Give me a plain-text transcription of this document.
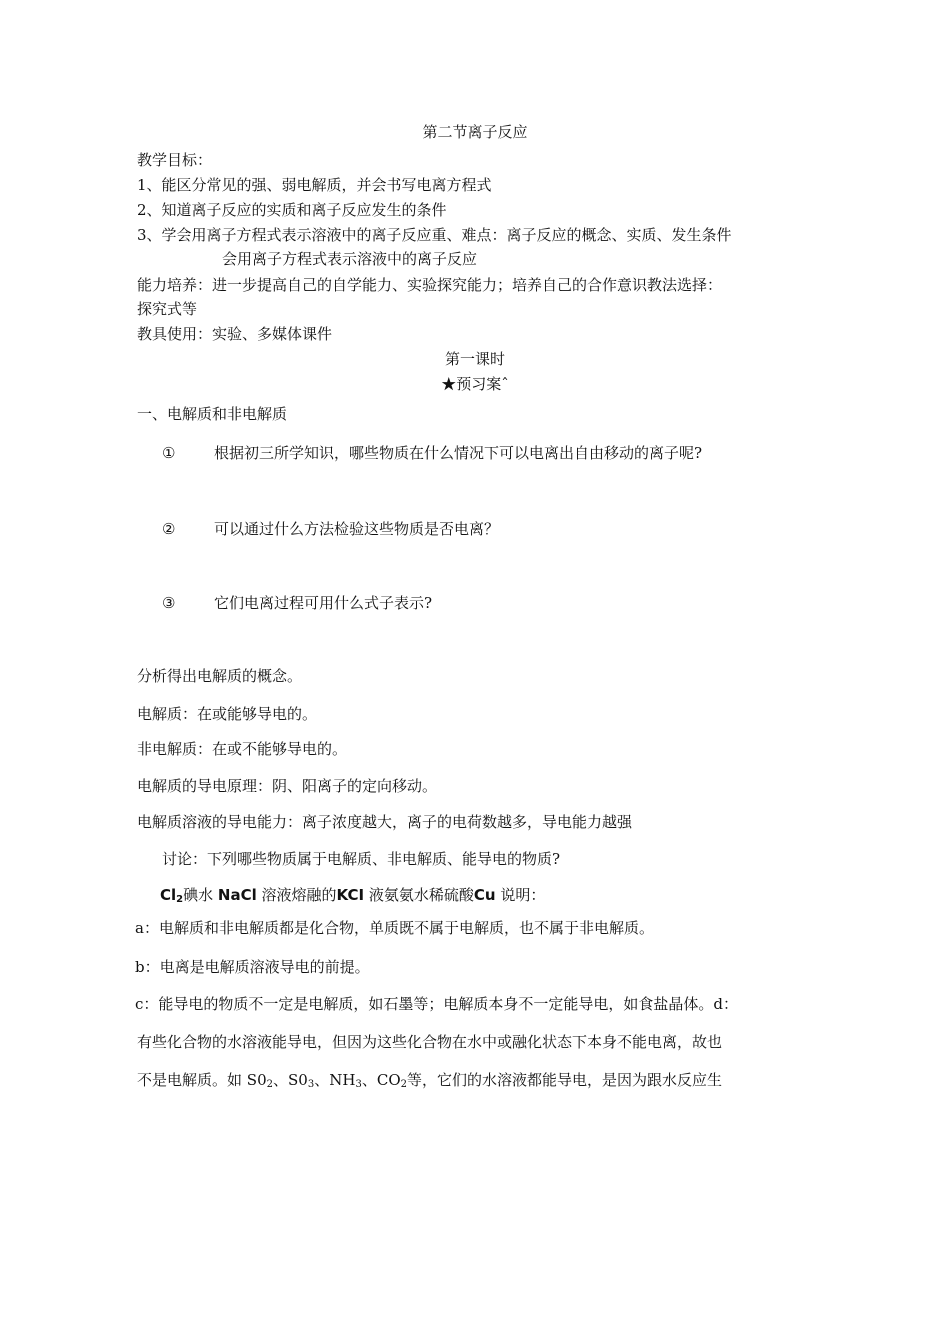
第二节离子反应
教学目标：
1、能区分常见的强、弱电解质，并会书写电离方程式
2、知道离子反应的实质和离子反应发生的条件
3、学会用离子方程式表示溶液中的离子反应重、难点：离子反应的概念、实质、发生条件
会用离子方程式表示溶液中的离子反应
能力培养：进一步提高自己的自学能力、实验探究能力；培养自己的合作意识教法选择：
探究式等
教具使用：实验、多媒体课件
第一课时
★预习案ˆ
一、电解质和非电解质
①	根据初三所学知识，哪些物质在什么情况下可以电离出自由移动的离子呢?
②	可以通过什么方法检验这些物质是否电离？
③	它们电离过程可用什么式子表示?
分析得出电解质的概念。
电解质：在或能够导电的。
非电解质：在或不能够导电的。
电解质的导电原理：阴、阳离子的定向移动。
电解质溶液的导电能力：离子浓度越大，离子的电荷数越多，导电能力越强
讨论：下列哪些物质属于电解质、非电解质、能导电的物质?
$Cl_2$碘水 NaCl 溶液熔融的KCI 液氨氨水稀硫酸Cu 说明：
a：电解质和非电解质都是化合物，单质既不属于电解质，也不属于非电解质。
b：电离是电解质溶液导电的前提。
c：能导电的物质不一定是电解质，如石墨等；电解质本身不一定能导电，如食盐晶体。d：
有些化合物的水溶液能导电，但因为这些化合物在水中或融化状态下本身不能电离，故也
不是电解质。如 $S0_2$、$S0_3$、$NH_3$、$CO_2$等，它们的水溶液都能导电，是因为跟水反应生
